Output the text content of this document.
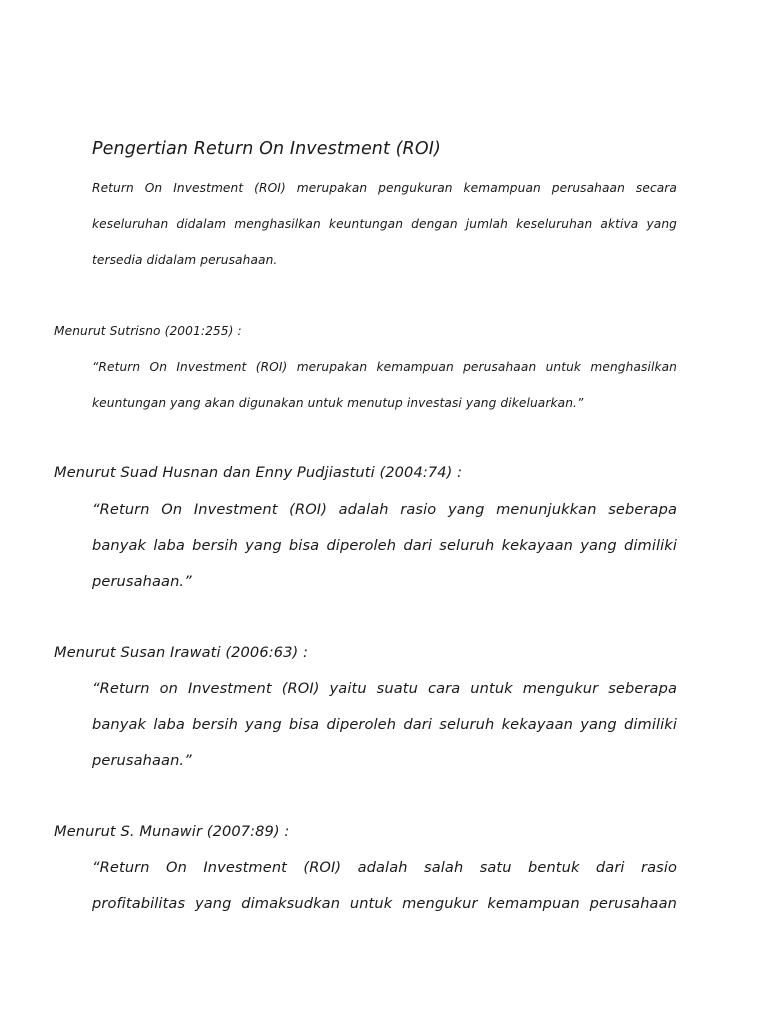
Pengertian Return On Investment (ROI)
Return On Investment (ROI) merupakan pengukuran kemampuan perusahaan secara
keseluruhan didalam menghasilkan keuntungan dengan jumlah keseluruhan aktiva yang
tersedia didalam perusahaan.
Menurut Sutrisno (2001:255) :
“Return On Investment (ROI) merupakan kemampuan perusahaan untuk menghasilkan
keuntungan yang akan digunakan untuk menutup investasi yang dikeluarkan.”
Menurut Suad Husnan dan Enny Pudjiastuti (2004:74) :
“Return On Investment (ROI) adalah rasio yang menunjukkan seberapa
banyak laba bersih yang bisa diperoleh dari seluruh kekayaan yang dimiliki
perusahaan.”
Menurut Susan Irawati (2006:63) :
“Return on Investment (ROI) yaitu suatu cara untuk mengukur seberapa
banyak laba bersih yang bisa diperoleh dari seluruh kekayaan yang dimiliki
perusahaan.”
Menurut S. Munawir (2007:89) :
“Return On Investment (ROI) adalah salah satu bentuk dari rasio
profitabilitas yang dimaksudkan untuk mengukur kemampuan perusahaan
